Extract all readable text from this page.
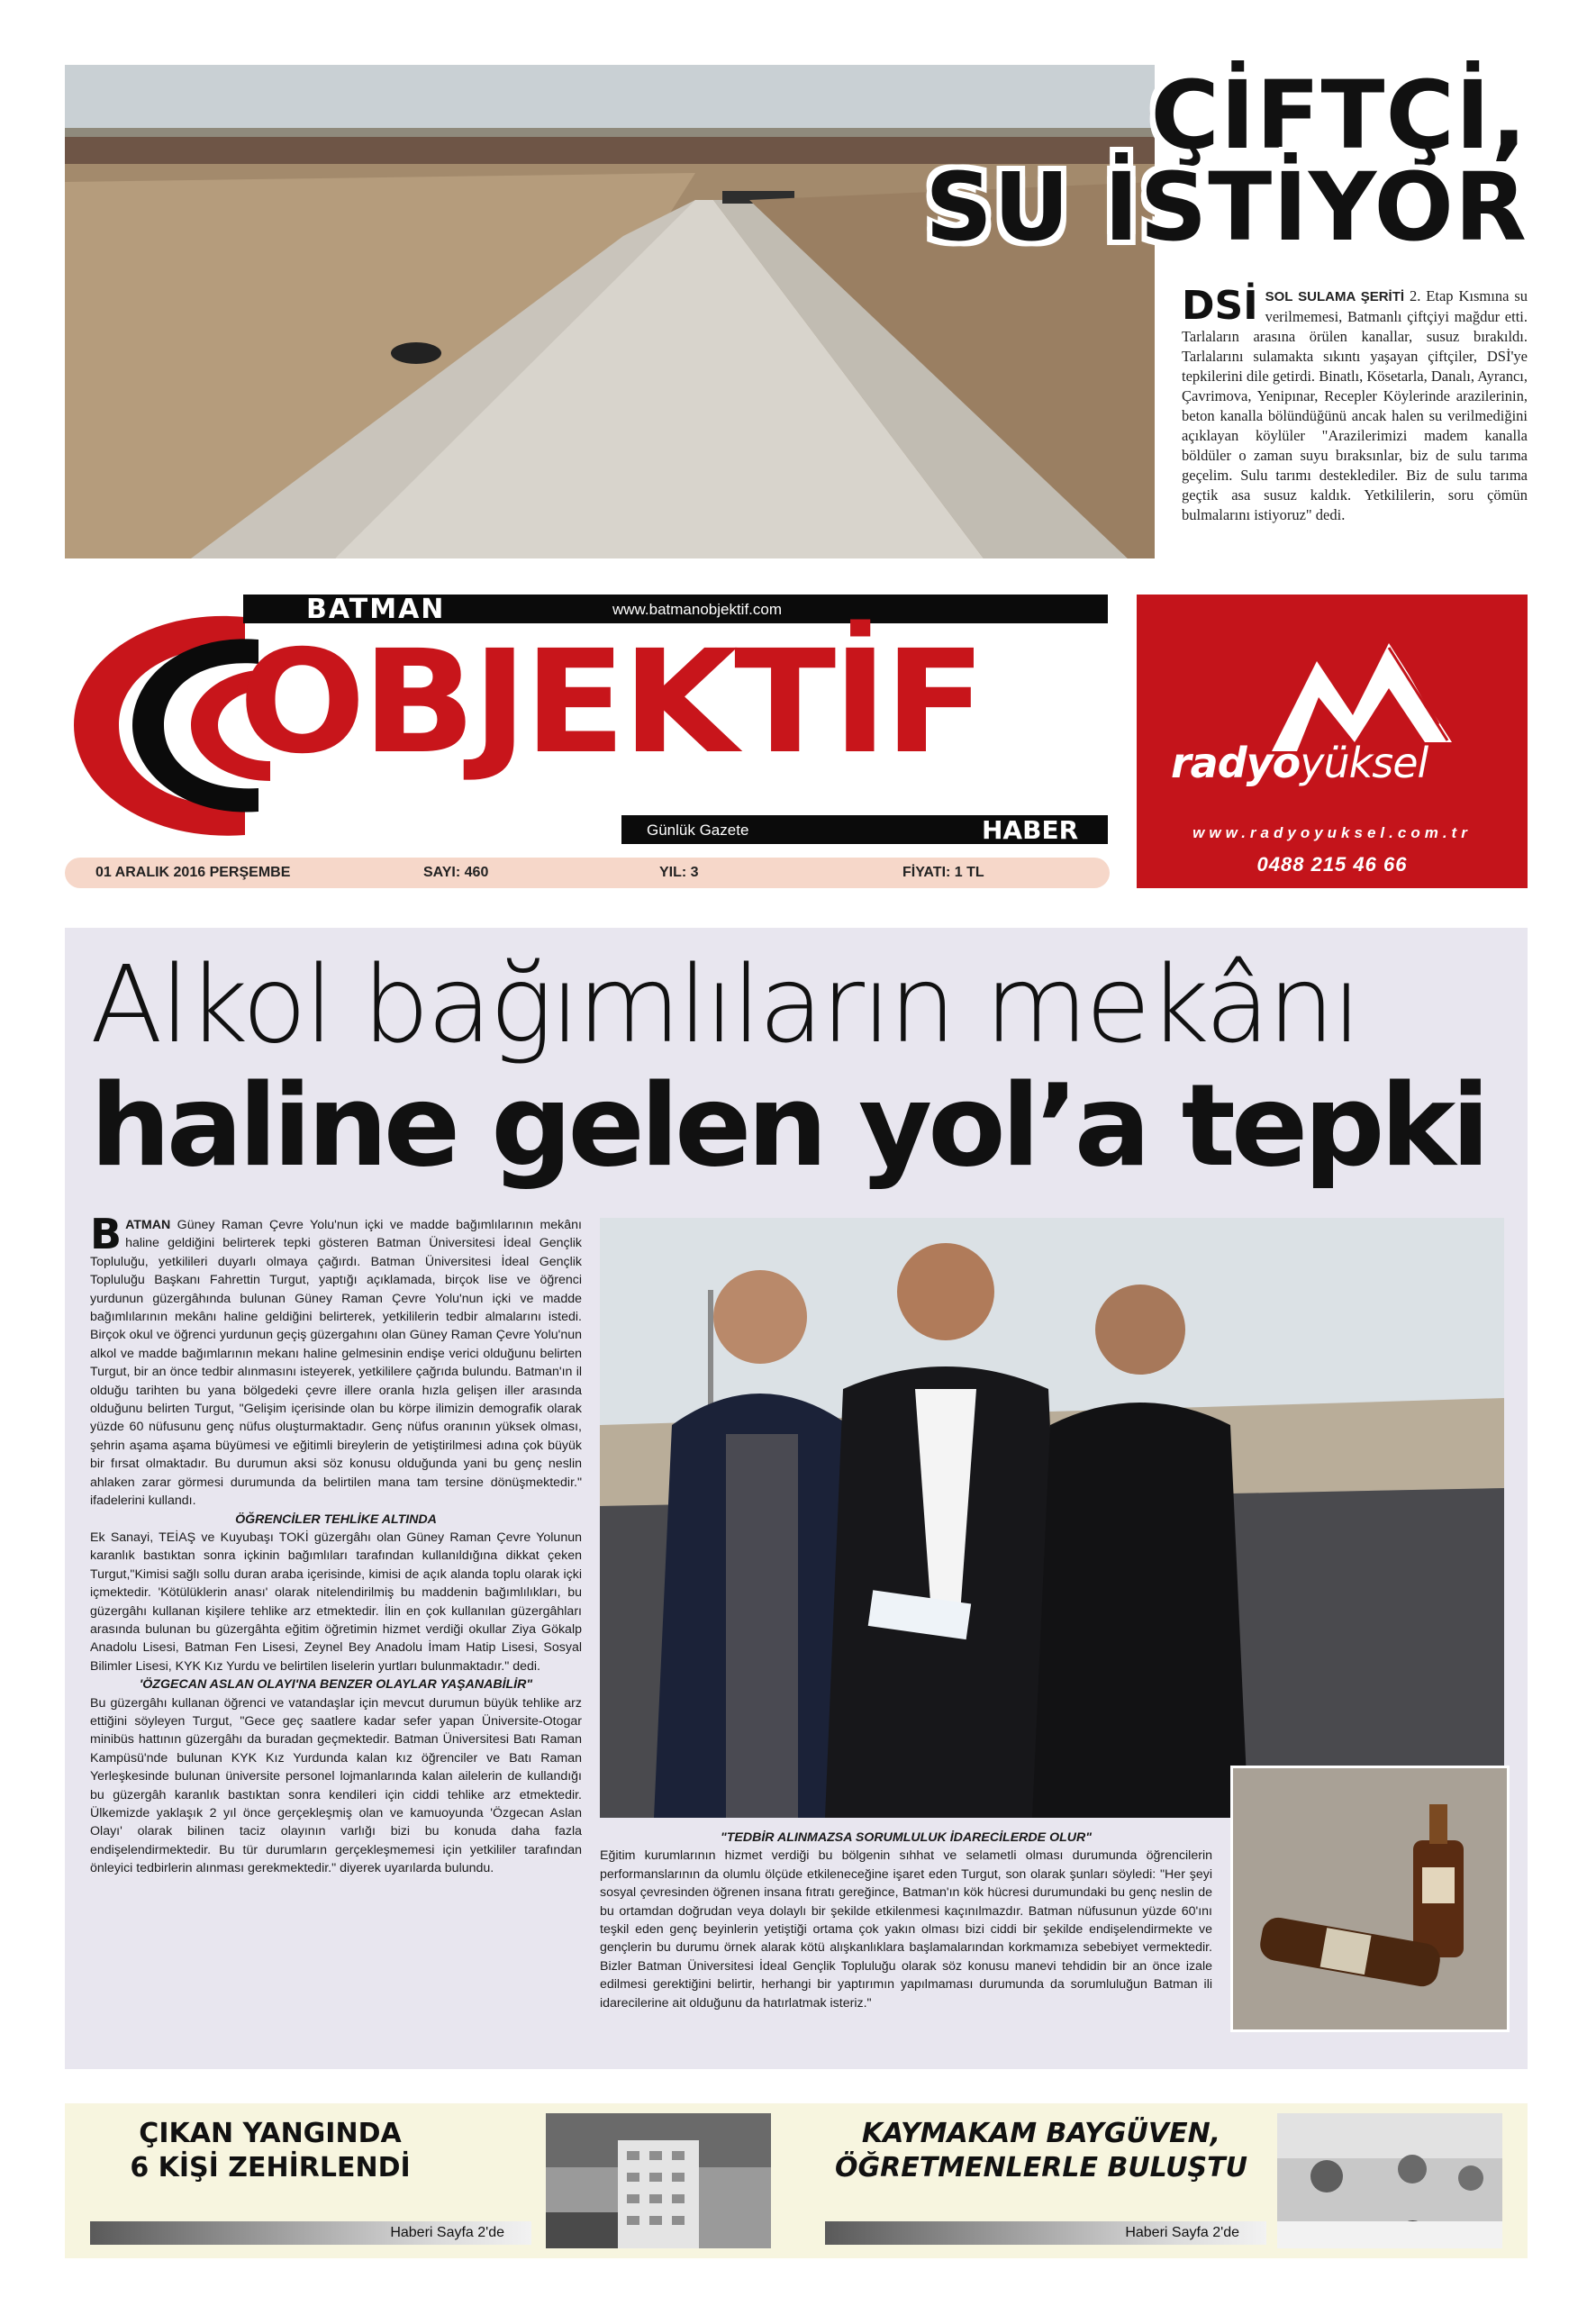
ÇİFTÇİ,
SU İSTİYOR
DSİ SOL SULAMA ŞERİTİ 2. Etap Kısmına su verilmemesi, Batmanlı çiftçiyi mağdur etti. Tarlaların arasına örülen kanallar, susuz bırakıldı. Tarlalarını sulamakta sıkıntı yaşayan çiftçiler, DSİ'ye tepkilerini dile getirdi. Binatlı, Kösetarla, Danalı, Ayrancı, Çavrimova, Yenipınar, Recepler Köylerinde arazilerinin, beton kanalla bölündüğünü ancak halen su verilmediğini açıklayan köylüler "Arazilerimizi madem kanalla böldüler o zaman suyu bıraksınlar, biz de sulu tarıma geçelim. Sulu tarımı desteklediler. Biz de sulu tarıma geçtik asa susuz kaldık. Yetkililerin, soru çömün bulmalarını istiyoruz" dedi.
BATMAN	www.batmanobjektif.com
OBJEKTİF
Günlük Gazete	HABER
01 ARALIK 2016 PERŞEMBE	SAYI: 460	YIL: 3	FİYATI: 1 TL
radyoyüksel
www.radyoyuksel.com.tr
0488 215 46 66
Alkol bağımlıların mekânı
haline gelen yol’a tepki

BATMAN Güney Raman Çevre Yolu'nun içki ve madde bağımlılarının mekânı haline geldiğini belirterek tepki gösteren Batman Üniversitesi İdeal Gençlik Topluluğu, yetkilileri duyarlı olmaya çağırdı. Batman Üniversitesi İdeal Gençlik Topluluğu Başkanı Fahrettin Turgut, yaptığı açıklamada, birçok lise ve öğrenci yurdunun güzergâhında bulunan Güney Raman Çevre Yolu'nun içki ve madde bağımlılarının mekânı haline geldiğini belirterek, yetkililerin tedbir almalarını istedi. Birçok okul ve öğrenci yurdunun geçiş güzergahını olan Güney Raman Çevre Yolu'nun alkol ve madde bağımlarının mekanı haline gelmesinin endişe verici olduğunu belirten Turgut, bir an önce tedbir alınmasını isteyerek, yetkililere çağrıda bulundu. Batman'ın il olduğu tarihten bu yana bölgedeki çevre illere oranla hızla gelişen iller arasında olduğunu belirten Turgut, "Gelişim içerisinde olan bu körpe ilimizin demografik olarak yüzde 60 nüfusunu genç nüfus oluşturmaktadır. Genç nüfus oranının yüksek olması, şehrin aşama aşama büyümesi ve eğitimli bireylerin de yetiştirilmesi adına çok büyük bir fırsat olmaktadır. Bu durumun aksi söz konusu olduğunda yani bu genç neslin ahlaken zarar görmesi durumunda da belirtilen mana tam tersine dönüşmektedir." ifadelerini kullandı.

ÖĞRENCİLER TEHLİKE ALTINDA

Ek Sanayi, TEİAŞ ve Kuyubaşı TOKİ güzergâhı olan Güney Raman Çevre Yolunun karanlık bastıktan sonra içkinin bağımlıları tarafından kullanıldığına dikkat çeken Turgut,"Kimisi sağlı sollu duran araba içerisinde, kimisi de açık alanda toplu olarak içki içmektedir. 'Kötülüklerin anası' olarak nitelendirilmiş bu maddenin bağımlılıkları, bu güzergâhı kullanan kişilere tehlike arz etmektedir. İlin en çok kullanılan güzergâhları arasında bulunan bu güzergâhta eğitim öğretimin hizmet verdiği okullar Ziya Gökalp Anadolu Lisesi, Batman Fen Lisesi, Zeynel Bey Anadolu İmam Hatip Lisesi, Sosyal Bilimler Lisesi, KYK Kız Yurdu ve belirtilen liselerin yurtları bulunmaktadır." dedi.

'ÖZGECAN ASLAN OLAYI'NA BENZER OLAYLAR YAŞANABİLİR"

Bu güzergâhı kullanan öğrenci ve vatandaşlar için mevcut durumun büyük tehlike arz ettiğini söyleyen Turgut, "Gece geç saatlere kadar sefer yapan Üniversite-Otogar minibüs hattının güzergâhı da buradan geçmektedir. Batman Üniversitesi Batı Raman Kampüsü'nde bulunan KYK Kız Yurdunda kalan kız öğrenciler ve Batı Raman Yerleşkesinde bulunan üniversite personel lojmanlarında kalan ailelerin de kullandığı bu güzergâh karanlık bastıktan sonra kendileri için ciddi tehlike arz etmektedir. Ülkemizde yaklaşık 2 yıl önce gerçekleşmiş olan ve kamuoyunda 'Özgecan Aslan Olayı' olarak bilinen taciz olayının varlığı bizi bu konuda daha fazla endişelendirmektedir. Bu tür durumların gerçekleşmemesi için yetkililer tarafından önleyici tedbirlerin alınması gerekmektedir." diyerek uyarılarda bulundu.

"TEDBİR ALINMAZSA SORUMLULUK İDARECİLERDE OLUR"

Eğitim kurumlarının hizmet verdiği bu bölgenin sıhhat ve selametli olması durumunda öğrencilerin performanslarının da olumlu ölçüde etkileneceğine işaret eden Turgut, son olarak şunları söyledi: "Her şeyi sosyal çevresinden öğrenen insana fıtratı gereğince, Batman'ın kök hücresi durumundaki bu genç neslin de bu ortamdan doğrudan veya dolaylı bir şekilde etkilenmesi kaçınılmazdır. Batman nüfusunun yüzde 60'ını teşkil eden genç beyinlerin yetiştiği ortama çok yakın olması bizi ciddi bir şekilde endişelendirmekte ve gençlerin bu durumu örnek alarak kötü alışkanlıklara başlamalarından korkmamıza sebebiyet vermektedir. Bizler Batman Üniversitesi İdeal Gençlik Topluluğu olarak söz konusu manevi tehdidin bir an önce izale edilmesi gerektiğini belirtir, herhangi bir yaptırımın yapılmaması durumunda da sorumluluğun Batman ili idarecilerine ait olduğunu da hatırlatmak isteriz."

ÇIKAN YANGINDA
6 KİŞİ ZEHİRLENDİ
Haberi Sayfa 2'de
KAYMAKAM BAYGÜVEN,
ÖĞRETMENLERLE BULUŞTU
Haberi Sayfa 2'de
